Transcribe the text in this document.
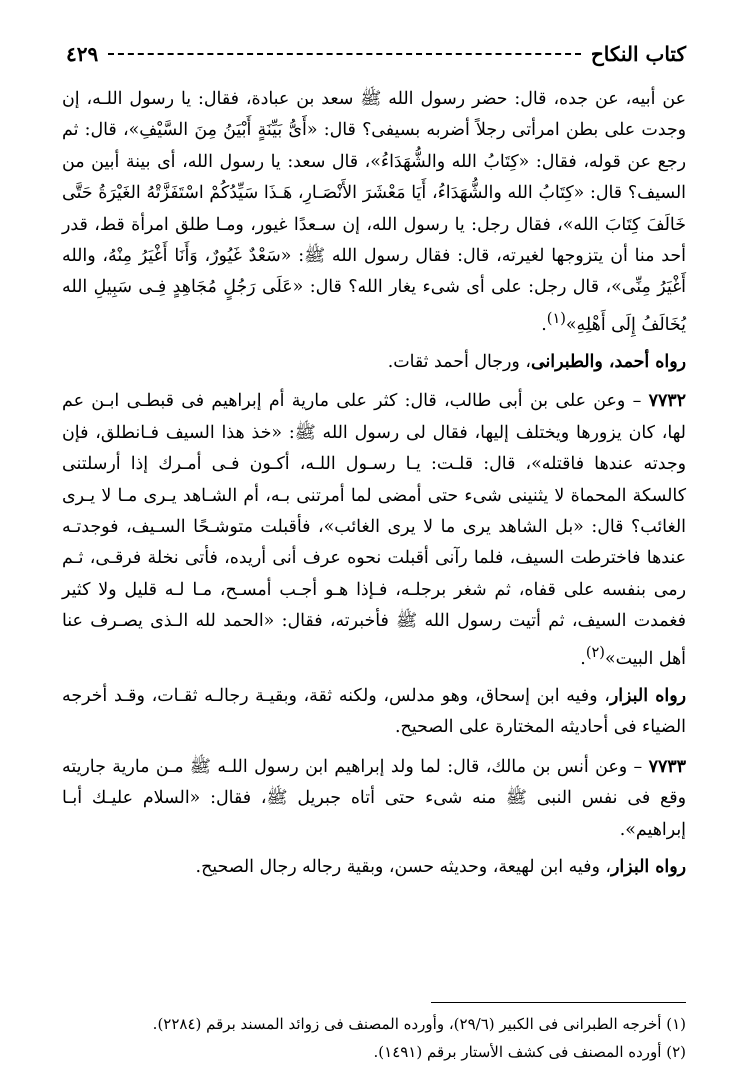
كتاب النكاح
٤٢٩

عن أبيه، عن جده، قال: حضر رسول الله ﷺ سعد بن عبادة، فقال: يا رسول اللـه، إن وجدت على بطن امرأتى رجلاً أضربه بسيفى؟ قال: «أَىُّ بَيِّنَةٍ أَبْيَنُ مِنَ السَّيْفِ»، قال: ثم رجع عن قوله، فقال: «كِتَابُ الله والشُّهَدَاءُ»، قال سعد: يا رسول الله، أى بينة أبين من السيف؟ قال: «كِتَابُ الله والشُّهَدَاءُ، أَيَا مَعْشَرَ الأَنْصَـارِ، هَـذَا سَيِّدُكُمْ اسْتَفَزَّتْهُ الغَيْرَةُ حَتَّى خَالَفَ كِتَابَ الله»، فقال رجل: يا رسول الله، إن سـعدًا غيور، ومـا طلق امرأة قط، قدر أحد منا أن يتزوجها لغيرته، قال: فقال رسول الله ﷺ: «سَعْدٌ غَيُورٌ، وَأَنَا أَغْيَرُ مِنْهُ، والله أَغْيَرُ مِنِّى»، قال رجل: على أى شىء يغار الله؟ قال: «عَلَى رَجُلٍ مُجَاهِدٍ فِـى سَبِيلِ الله يُخَالَفُ إِلَى أَهْلِهِ»$^{(١)}$.

رواه أحمد، والطبرانى، ورجال أحمد ثقات.

٧٧٣٢ – وعن على بن أبى طالب، قال: كثر على مارية أم إبراهيم فى قبطـى ابـن عم لها، كان يزورها ويختلف إليها، فقال لى رسول الله ﷺ: «خذ هذا السيف فـانطلق، فإن وجدته عندها فاقتله»، قال: قلـت: يـا رسـول اللـه، أكـون فـى أمـرك إذا أرسلتنى كالسكة المحماة لا يثنينى شىء حتى أمضى لما أمرتنى بـه، أم الشـاهد يـرى مـا لا يـرى الغائب؟ قال: «بل الشاهد يرى ما لا يرى الغائب»، فأقبلت متوشـحًا السـيف، فوجدتـه عندها فاخترطت السيف، فلما رآنى أقبلت نحوه عرف أنى أريده، فأتى نخلة فرقـى، ثـم رمى بنفسه على قفاه، ثم شغر برجلـه، فـإذا هـو أجـب أمسـح، مـا لـه قليل ولا كثير فغمدت السيف، ثم أتيت رسول الله ﷺ فأخبرته، فقال: «الحمد لله الـذى يصـرف عنا أهل البيت»$^{(٢)}$.

رواه البزار، وفيه ابن إسحاق، وهو مدلس، ولكنه ثقة، وبقيـة رجالـه ثقـات، وقـد أخرجه الضياء فى أحاديثه المختارة على الصحيح.

٧٧٣٣ – وعن أنس بن مالك، قال: لما ولد إبراهيم ابن رسول اللـه ﷺ مـن مارية جاريته وقع فى نفس النبى ﷺ منه شىء حتى أتاه جبريل ﷺ، فقال: «السلام عليـك أبـا إبراهيم».

رواه البزار، وفيه ابن لهيعة، وحديثه حسن، وبقية رجاله رجال الصحيح.

(١) أخرجه الطبرانى فى الكبير (٢٩/٦)، وأورده المصنف فى زوائد المسند برقم (٢٢٨٤).
(٢) أورده المصنف فى كشف الأستار برقم (١٤٩١).
